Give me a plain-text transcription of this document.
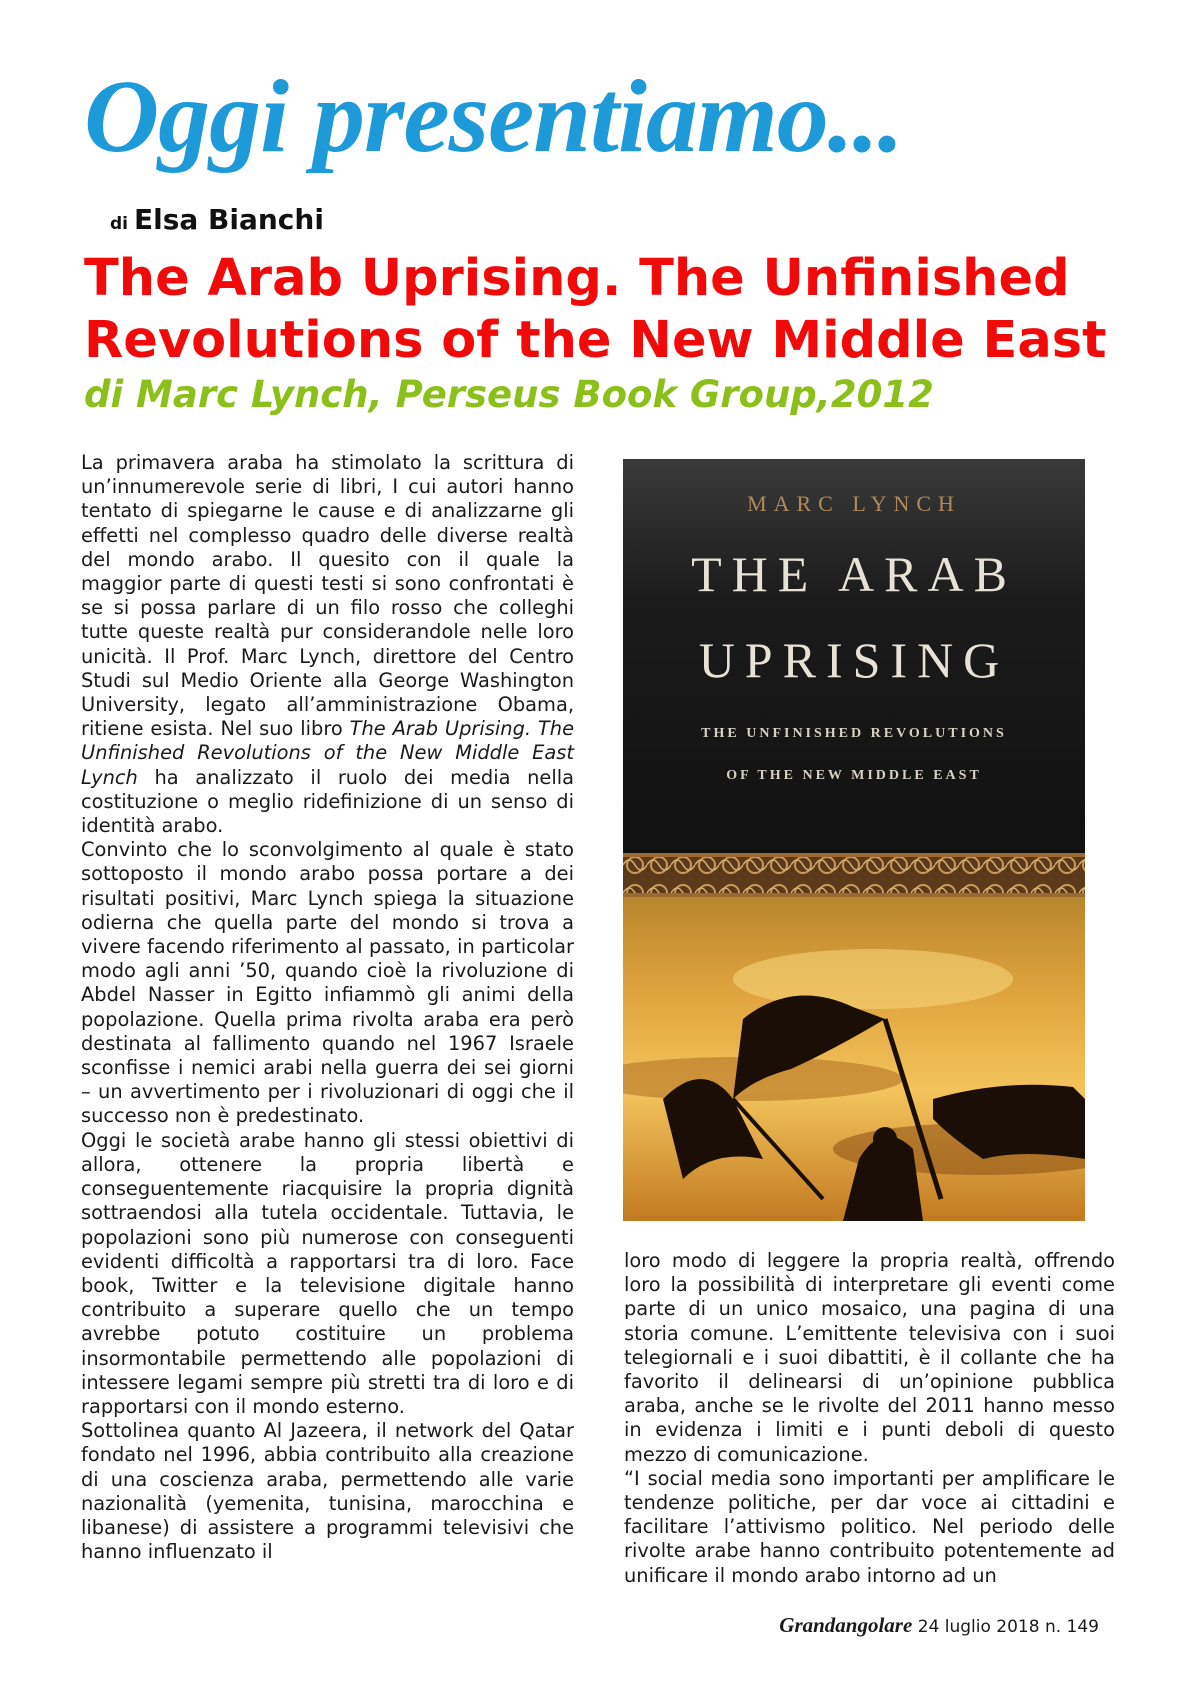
Oggi presentiamo...
di Elsa Bianchi
The Arab Uprising. The Unfinished
Revolutions of the New Middle East
di Marc Lynch, Perseus Book Group,2012

La primavera araba ha stimolato la scrittura di un’innumerevole serie di libri, I cui autori hanno tentato di spiegarne le cause e di analizzarne gli effetti nel complesso quadro delle diverse realtà del mondo arabo. Il quesito con il quale la maggior parte di questi testi si sono confrontati è se si possa parlare di un filo rosso che colleghi tutte queste realtà pur considerandole nelle loro unicità. Il Prof. Marc Lynch, direttore del Centro Studi sul Medio Oriente alla George Washington University, legato all’amministrazione Obama, ritiene esista. Nel suo libro The Arab Uprising. The Unfinished Revolutions of the New Middle East Lynch ha analizzato il ruolo dei media nella costituzione o meglio ridefinizione di un senso di identità arabo.

Convinto che lo sconvolgimento al quale è stato sottoposto il mondo arabo possa portare a dei risultati positivi, Marc Lynch spiega la situazione odierna che quella parte del mondo si trova a vivere facendo riferimento al passato, in particolar modo agli anni ’50, quando cioè la rivoluzione di Abdel Nasser in Egitto infiammò gli animi della popolazione. Quella prima rivolta araba era però destinata al fallimento quando nel 1967 Israele sconfisse i nemici arabi nella guerra dei sei giorni – un avvertimento per i rivoluzionari di oggi che il successo non è predestinato.

Oggi le società arabe hanno gli stessi obiettivi di allora, ottenere la propria libertà e conseguentemente riacquisire la propria dignità sottraendosi alla tutela occidentale. Tuttavia, le popolazioni sono più numerose con conseguenti evidenti difficoltà a rapportarsi tra di loro. Face book, Twitter e la televisione digitale hanno contribuito a superare quello che un tempo avrebbe potuto costituire un problema insormontabile permettendo alle popolazioni di intessere legami sempre più stretti tra di loro e di rapportarsi con il mondo esterno.

Sottolinea quanto Al Jazeera, il network del Qatar fondato nel 1996, abbia contribuito alla creazione di una coscienza araba, permettendo alle varie nazionalità (yemenita, tunisina, marocchina e libanese) di assistere a programmi televisivi che hanno influenzato il

MARC LYNCH
THE ARAB
UPRISING
THE UNFINISHED REVOLUTIONS
OF THE NEW MIDDLE EAST

loro modo di leggere la propria realtà, offrendo loro la possibilità di interpretare gli eventi come parte di un unico mosaico, una pagina di una storia comune. L’emittente televisiva con i suoi telegiornali e i suoi dibattiti, è il collante che ha favorito il delinearsi di un’opinione pubblica araba, anche se le rivolte del 2011 hanno messo in evidenza i limiti e i punti deboli di questo mezzo di comunicazione.

“I social media sono importanti per amplificare le tendenze politiche, per dar voce ai cittadini e facilitare l’attivismo politico. Nel periodo delle rivolte arabe hanno contribuito potentemente ad unificare il mondo arabo intorno ad un

Grandangolare 24 luglio 2018 n. 149
